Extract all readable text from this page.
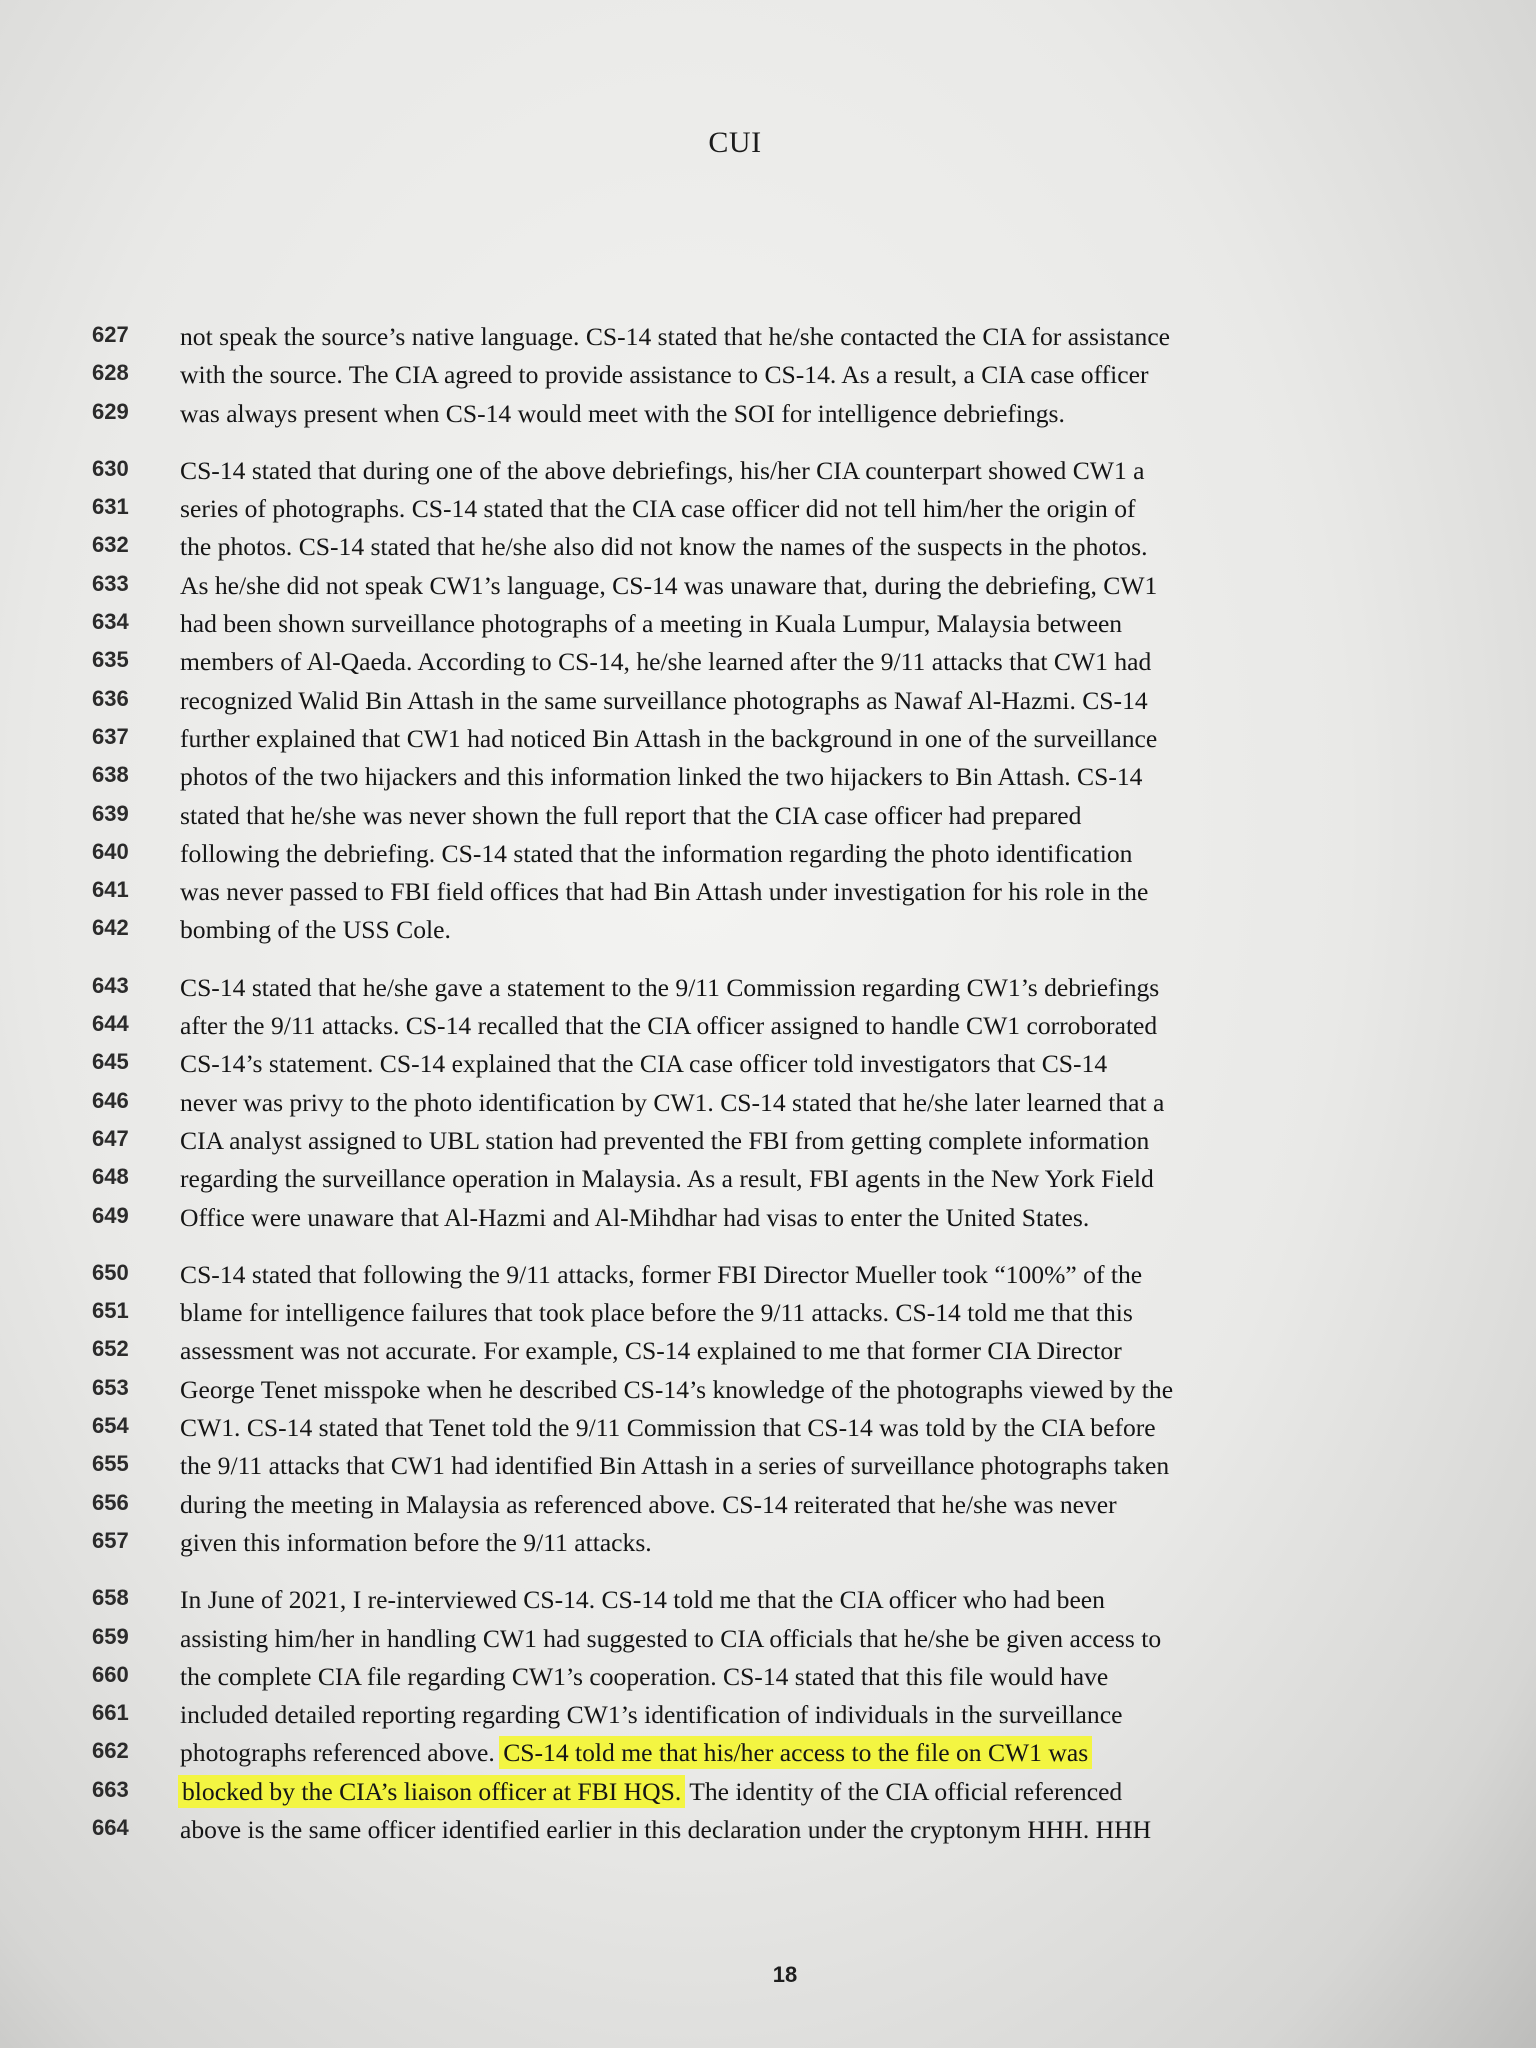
CUI
627	not speak the source’s native language. CS-14 stated that he/she contacted the CIA for assistance
628	with the source. The CIA agreed to provide assistance to CS-14. As a result, a CIA case officer
629	was always present when CS-14 would meet with the SOI for intelligence debriefings.
630	CS-14 stated that during one of the above debriefings, his/her CIA counterpart showed CW1 a
631	series of photographs. CS-14 stated that the CIA case officer did not tell him/her the origin of
632	the photos. CS-14 stated that he/she also did not know the names of the suspects in the photos.
633	As he/she did not speak CW1’s language, CS-14 was unaware that, during the debriefing, CW1
634	had been shown surveillance photographs of a meeting in Kuala Lumpur, Malaysia between
635	members of Al-Qaeda. According to CS-14, he/she learned after the 9/11 attacks that CW1 had
636	recognized Walid Bin Attash in the same surveillance photographs as Nawaf Al-Hazmi. CS-14
637	further explained that CW1 had noticed Bin Attash in the background in one of the surveillance
638	photos of the two hijackers and this information linked the two hijackers to Bin Attash. CS-14
639	stated that he/she was never shown the full report that the CIA case officer had prepared
640	following the debriefing. CS-14 stated that the information regarding the photo identification
641	was never passed to FBI field offices that had Bin Attash under investigation for his role in the
642	bombing of the USS Cole.
643	CS-14 stated that he/she gave a statement to the 9/11 Commission regarding CW1’s debriefings
644	after the 9/11 attacks. CS-14 recalled that the CIA officer assigned to handle CW1 corroborated
645	CS-14’s statement. CS-14 explained that the CIA case officer told investigators that CS-14
646	never was privy to the photo identification by CW1. CS-14 stated that he/she later learned that a
647	CIA analyst assigned to UBL station had prevented the FBI from getting complete information
648	regarding the surveillance operation in Malaysia. As a result, FBI agents in the New York Field
649	Office were unaware that Al-Hazmi and Al-Mihdhar had visas to enter the United States.
650	CS-14 stated that following the 9/11 attacks, former FBI Director Mueller took “100%” of the
651	blame for intelligence failures that took place before the 9/11 attacks. CS-14 told me that this
652	assessment was not accurate. For example, CS-14 explained to me that former CIA Director
653	George Tenet misspoke when he described CS-14’s knowledge of the photographs viewed by the
654	CW1. CS-14 stated that Tenet told the 9/11 Commission that CS-14 was told by the CIA before
655	the 9/11 attacks that CW1 had identified Bin Attash in a series of surveillance photographs taken
656	during the meeting in Malaysia as referenced above. CS-14 reiterated that he/she was never
657	given this information before the 9/11 attacks.
658	In June of 2021, I re-interviewed CS-14. CS-14 told me that the CIA officer who had been
659	assisting him/her in handling CW1 had suggested to CIA officials that he/she be given access to
660	the complete CIA file regarding CW1’s cooperation. CS-14 stated that this file would have
661	included detailed reporting regarding CW1’s identification of individuals in the surveillance
662	photographs referenced above. CS-14 told me that his/her access to the file on CW1 was
663	blocked by the CIA’s liaison officer at FBI HQS. The identity of the CIA official referenced
664	above is the same officer identified earlier in this declaration under the cryptonym HHH. HHH
18
